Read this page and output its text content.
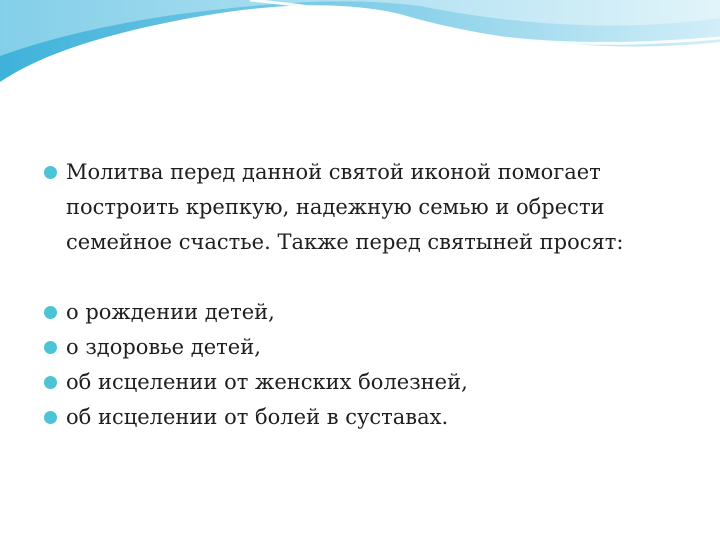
Молитва перед данной святой иконой помогает построить крепкую, надежную семью и обрести семейное счастье. Также перед святыней просят:
о рождении детей,
о здоровье детей,
об исцелении от женских болезней,
об исцелении от болей в суставах.
